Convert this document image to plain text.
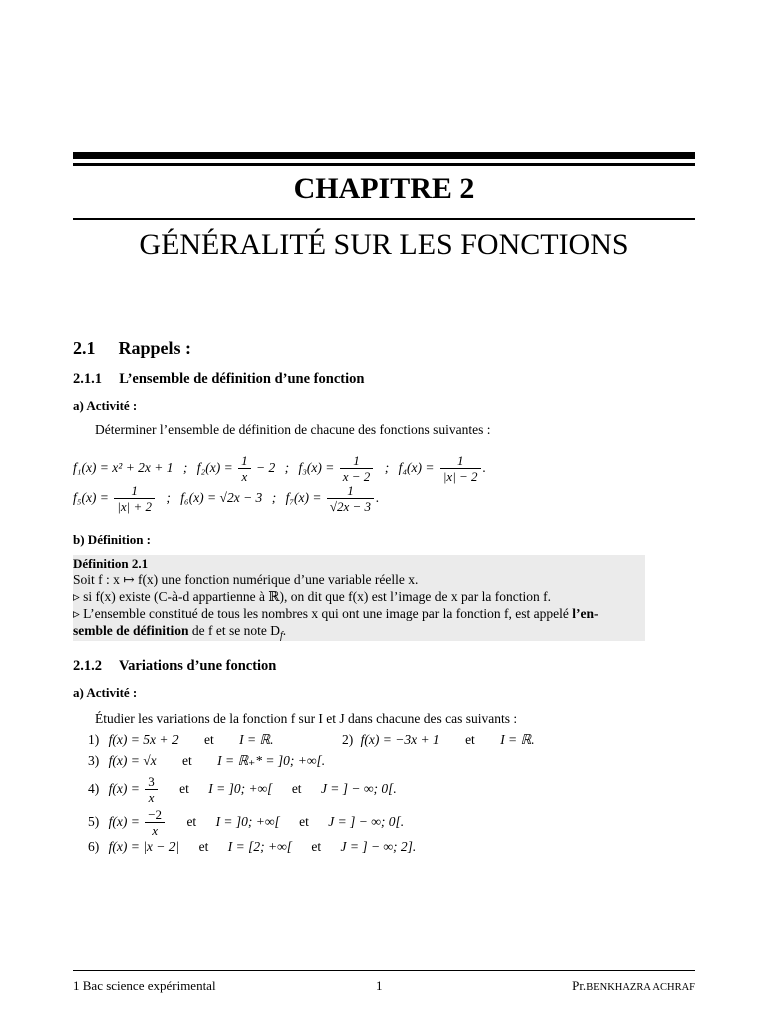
CHAPITRE 2
GÉNÉRALITÉ SUR LES FONCTIONS
2.1 Rappels :
2.1.1 L’ensemble de définition d’une fonction
a) Activité :
Déterminer l’ensemble de définition de chacune des fonctions suivantes :
f₁(x) = x² + 2x + 1 ; $f_2(x) = \frac{1}{x} - 2$ ; $f_3(x) = \frac{1}{x - 2}$ ; $f_4(x) = \frac{1}{|x| - 2}$ .
$f_5(x) = \frac{1}{|x| + 2}$ ; f₆(x) = √2x − 3 ; $f_7(x) = \frac{1}{√2x - 3}$ .
b) Définition :
Définition 2.1
Soit f : x ↦ f(x) une fonction numérique d’une variable réelle x.
▹ si f(x) existe (C-à-d appartienne à ℝ), on dit que f(x) est l’image de x par la fonction f.
▹ L’ensemble constitué de tous les nombres x qui ont une image par la fonction f, est appelé l’en-
semble de définition de f et se note $D_f$.
2.1.2 Variations d’une fonction
a) Activité :
Étudier les variations de la fonction f sur I et J dans chacune des cas suivants :
1) f(x) = 5x + 2 et I = ℝ.	2) f(x) = −3x + 1 et I = ℝ.
3) f(x) = √x et I = ℝ₊* = ]0; +∞[.
4) $f(x) = \frac{3}{x}$ et I = ]0; +∞[ et J = ] − ∞; 0[.
5) $f(x) = \frac{-2}{x}$ et I = ]0; +∞[ et J = ] − ∞; 0[.
6) f(x) = |x − 2| et I = [2; +∞[ et J = ] − ∞; 2].
1 Bac science expérimental	1	Pr.BENKHAZRA ACHRAF
